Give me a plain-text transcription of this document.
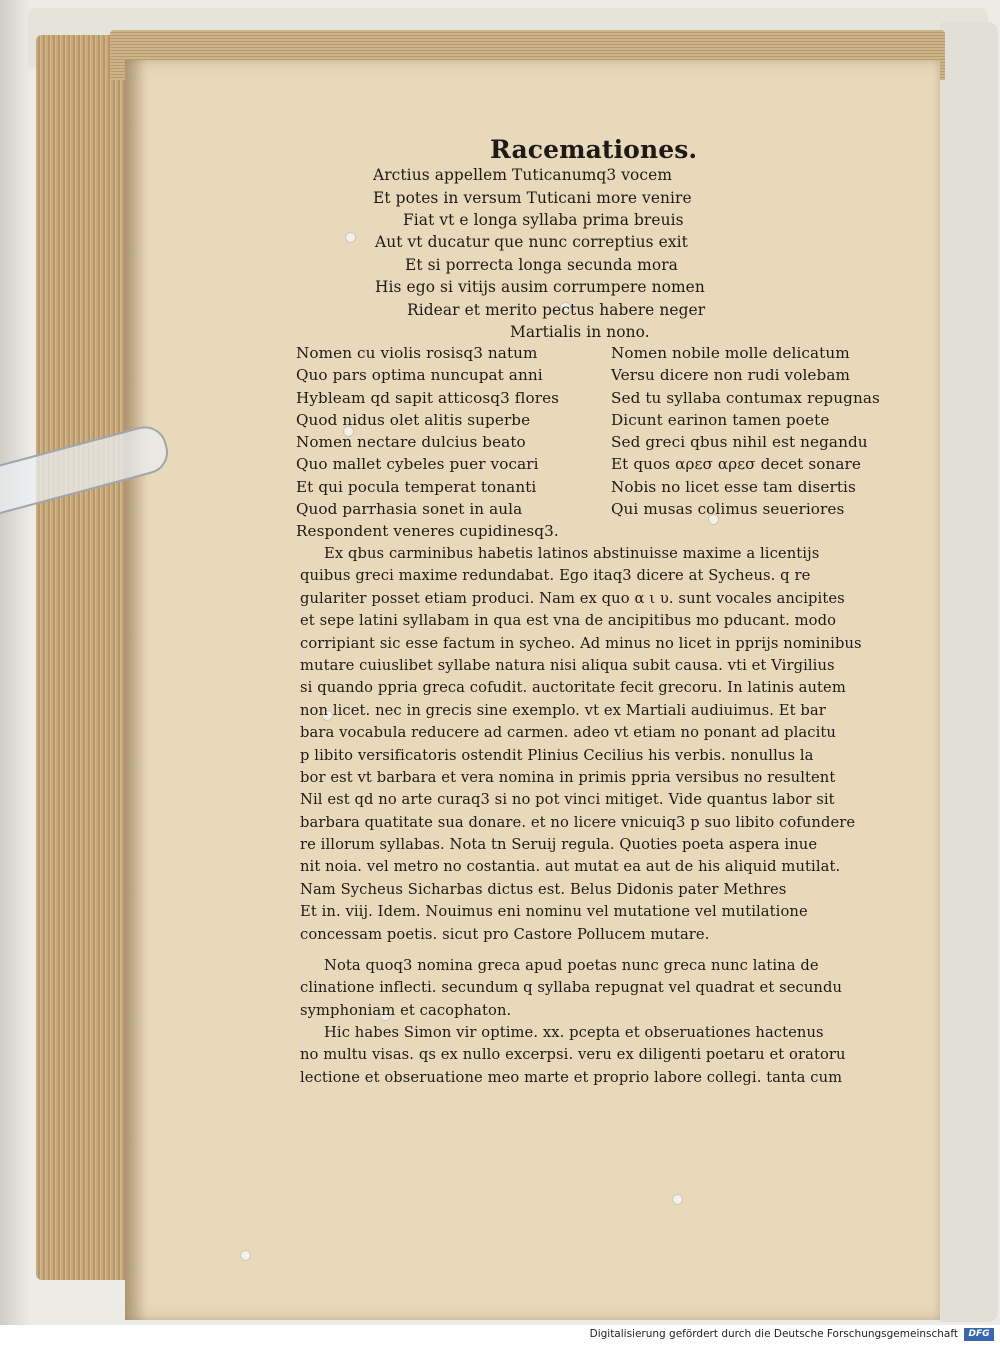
Racemationes.
Arctius appellem Tuticanumq3 vocem
Et potes in versum Tuticani more venire
Fiat vt e longa syllaba prima breuis
Aut vt ducatur que nunc correptius exit
Et si porrecta longa secunda mora
His ego si vitijs ausim corrumpere nomen
Ridear et merito pectus habere neger
Martialis in nono.
Nomen cu violis rosisq3 natum
Quo pars optima nuncupat anni
Hybleam qd sapit atticosq3 flores
Quod nidus olet alitis superbe
Nomen nectare dulcius beato
Quo mallet cybeles puer vocari
Et qui pocula temperat tonanti
Quod parrhasia sonet in aula
Respondent veneres cupidinesq3.
Nomen nobile molle delicatum
Versu dicere non rudi volebam
Sed tu syllaba contumax repugnas
Dicunt earinon tamen poete
Sed greci qbus nihil est negandu
Et quos αρεσ αρεσ decet sonare
Nobis no licet esse tam disertis
Qui musas colimus seueriores
Ex qbus carminibus habetis latinos abstinuisse maxime a licentijs
quibus greci maxime redundabat. Ego itaq3 dicere at Sycheus. q re
gulariter posset etiam produci. Nam ex quo α ι υ. sunt vocales ancipites
et sepe latini syllabam in qua est vna de ancipitibus mo pducant. modo
corripiant sic esse factum in sycheo. Ad minus no licet in pprijs nominibus
mutare cuiuslibet syllabe natura nisi aliqua subit causa. vti et Virgilius
si quando ppria greca cofudit. auctoritate fecit grecoru. In latinis autem
non licet. nec in grecis sine exemplo. vt ex Martiali audiuimus. Et bar
bara vocabula reducere ad carmen. adeo vt etiam no ponant ad placitu
p libito versificatoris ostendit Plinius Cecilius his verbis. nonullus la
bor est vt barbara et vera nomina in primis ppria versibus no resultent
Nil est qd no arte curaq3 si no pot vinci mitiget. Vide quantus labor sit
barbara quatitate sua donare. et no licere vnicuiq3 p suo libito cofundere
re illorum syllabas. Nota tn Seruij regula. Quoties poeta aspera inue
nit noia. vel metro no costantia. aut mutat ea aut de his aliquid mutilat.
Nam Sycheus Sicharbas dictus est. Belus Didonis pater Methres
Et in. viij. Idem. Nouimus eni nominu vel mutatione vel mutilatione
concessam poetis. sicut pro Castore Pollucem mutare.
Nota quoq3 nomina greca apud poetas nunc greca nunc latina de
clinatione inflecti. secundum q syllaba repugnat vel quadrat et secundu
symphoniam et cacophaton.
Hic habes Simon vir optime. xx. pcepta et obseruationes hactenus
no multu visas. qs ex nullo excerpsi. veru ex diligenti poetaru et oratoru
lectione et obseruatione meo marte et proprio labore collegi. tanta cum
Digitalisierung gefördert durch die Deutsche Forschungsgemeinschaft	DFG
